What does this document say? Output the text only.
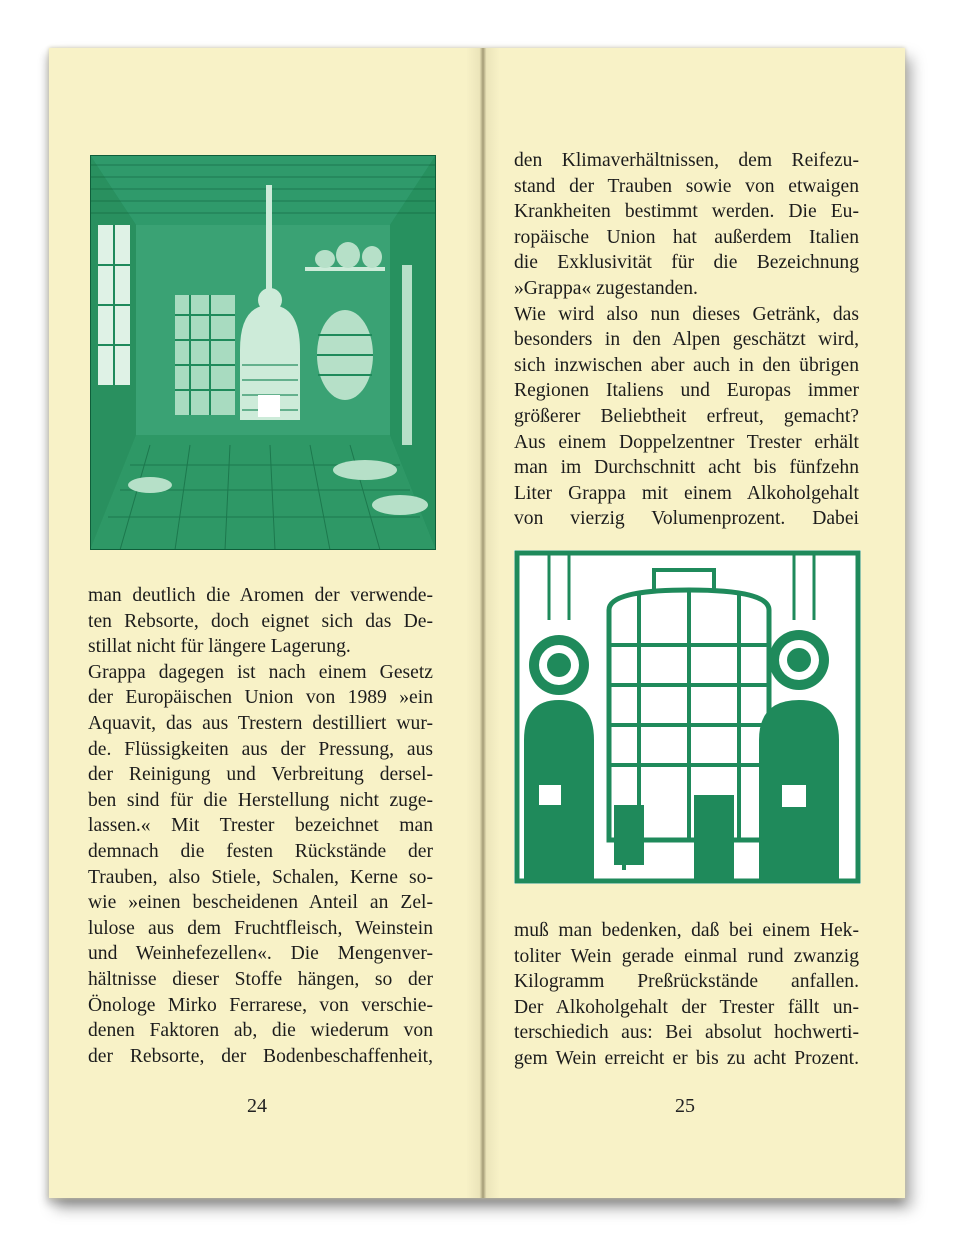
man deutlich die Aromen der verwende-
ten Rebsorte, doch eignet sich das De-
stillat nicht für längere Lagerung.
Grappa dagegen ist nach einem Gesetz
der Europäischen Union von 1989 »ein
Aquavit, das aus Trestern destilliert wur-
de. Flüssigkeiten aus der Pressung, aus
der Reinigung und Verbreitung dersel-
ben sind für die Herstellung nicht zuge-
lassen.« Mit Trester bezeichnet man
demnach die festen Rückstände der
Trauben, also Stiele, Schalen, Kerne so-
wie »einen bescheidenen Anteil an Zel-
lulose aus dem Fruchtfleisch, Weinstein
und Weinhefezellen«. Die Mengenver-
hältnisse dieser Stoffe hängen, so der
Önologe Mirko Ferrarese, von verschie-
denen Faktoren ab, die wiederum von
der Rebsorte, der Bodenbeschaffenheit,
24
den Klimaverhältnissen, dem Reifezu-
stand der Trauben sowie von etwaigen
Krankheiten bestimmt werden. Die Eu-
ropäische Union hat außerdem Italien
die Exklusivität für die Bezeichnung
»Grappa« zugestanden.
Wie wird also nun dieses Getränk, das
besonders in den Alpen geschätzt wird,
sich inzwischen aber auch in den übrigen
Regionen Italiens und Europas immer
größerer Beliebtheit erfreut, gemacht?
Aus einem Doppelzentner Trester erhält
man im Durchschnitt acht bis fünfzehn
Liter Grappa mit einem Alkoholgehalt
von vierzig Volumenprozent. Dabei
muß man bedenken, daß bei einem Hek-
toliter Wein gerade einmal rund zwanzig
Kilogramm Preßrückstände anfallen.
Der Alkoholgehalt der Trester fällt un-
terschiedich aus: Bei absolut hochwerti-
gem Wein erreicht er bis zu acht Prozent.
25
